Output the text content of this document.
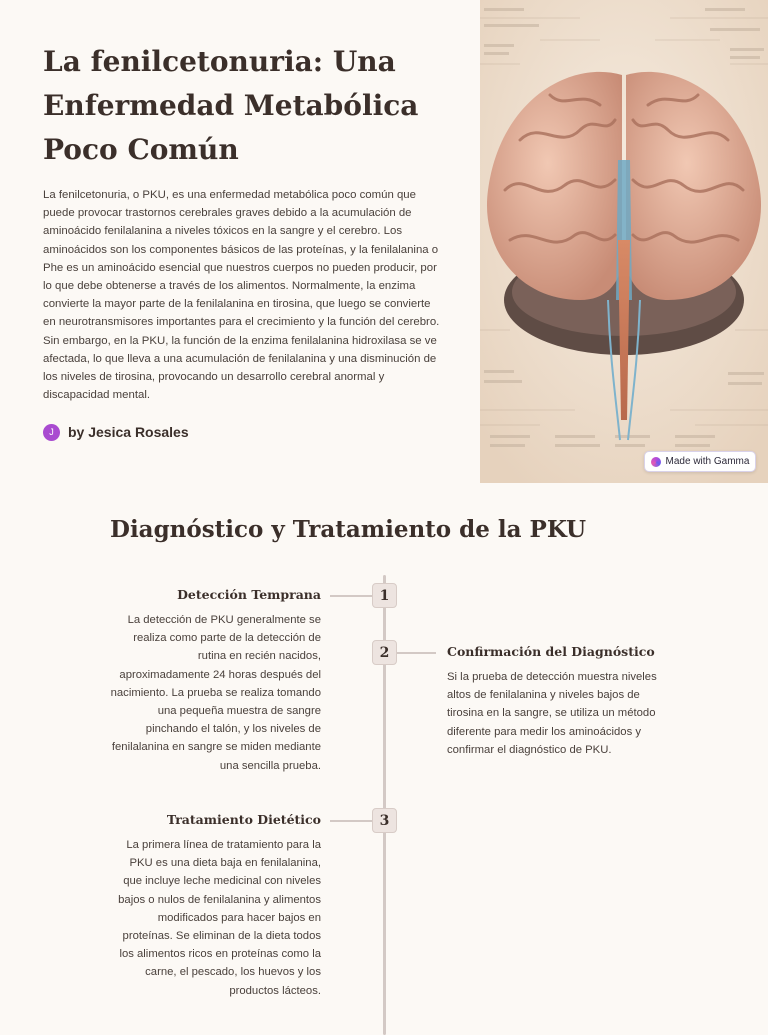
La fenilcetonuria: Una Enfermedad Metabólica Poco Común

La fenilcetonuria, o PKU, es una enfermedad metabólica poco común que puede provocar trastornos cerebrales graves debido a la acumulación de aminoácido fenilalanina a niveles tóxicos en la sangre y el cerebro. Los aminoácidos son los componentes básicos de las proteínas, y la fenilalanina o Phe es un aminoácido esencial que nuestros cuerpos no pueden producir, por lo que debe obtenerse a través de los alimentos. Normalmente, la enzima convierte la mayor parte de la fenilalanina en tirosina, que luego se convierte en neurotransmisores importantes para el crecimiento y la función del cerebro. Sin embargo, en la PKU, la función de la enzima fenilalanina hidroxilasa se ve afectada, lo que lleva a una acumulación de fenilalanina y una disminución de los niveles de tirosina, provocando un desarrollo cerebral anormal y discapacidad mental.

J	by Jesica Rosales
Made with Gamma
Diagnóstico y Tratamiento de la PKU
1
Detección Temprana

La detección de PKU generalmente se realiza como parte de la detección de rutina en recién nacidos, aproximadamente 24 horas después del nacimiento. La prueba se realiza tomando una pequeña muestra de sangre pinchando el talón, y los niveles de fenilalanina en sangre se miden mediante una sencilla prueba.

2	Confirmación del Diagnóstico

Si la prueba de detección muestra niveles altos de fenilalanina y niveles bajos de tirosina en la sangre, se utiliza un método diferente para medir los aminoácidos y confirmar el diagnóstico de PKU.

3
Tratamiento Dietético

La primera línea de tratamiento para la PKU es una dieta baja en fenilalanina, que incluye leche medicinal con niveles bajos o nulos de fenilalanina y alimentos modificados para hacer bajos en proteínas. Se eliminan de la dieta todos los alimentos ricos en proteínas como la carne, el pescado, los huevos y los productos lácteos.
